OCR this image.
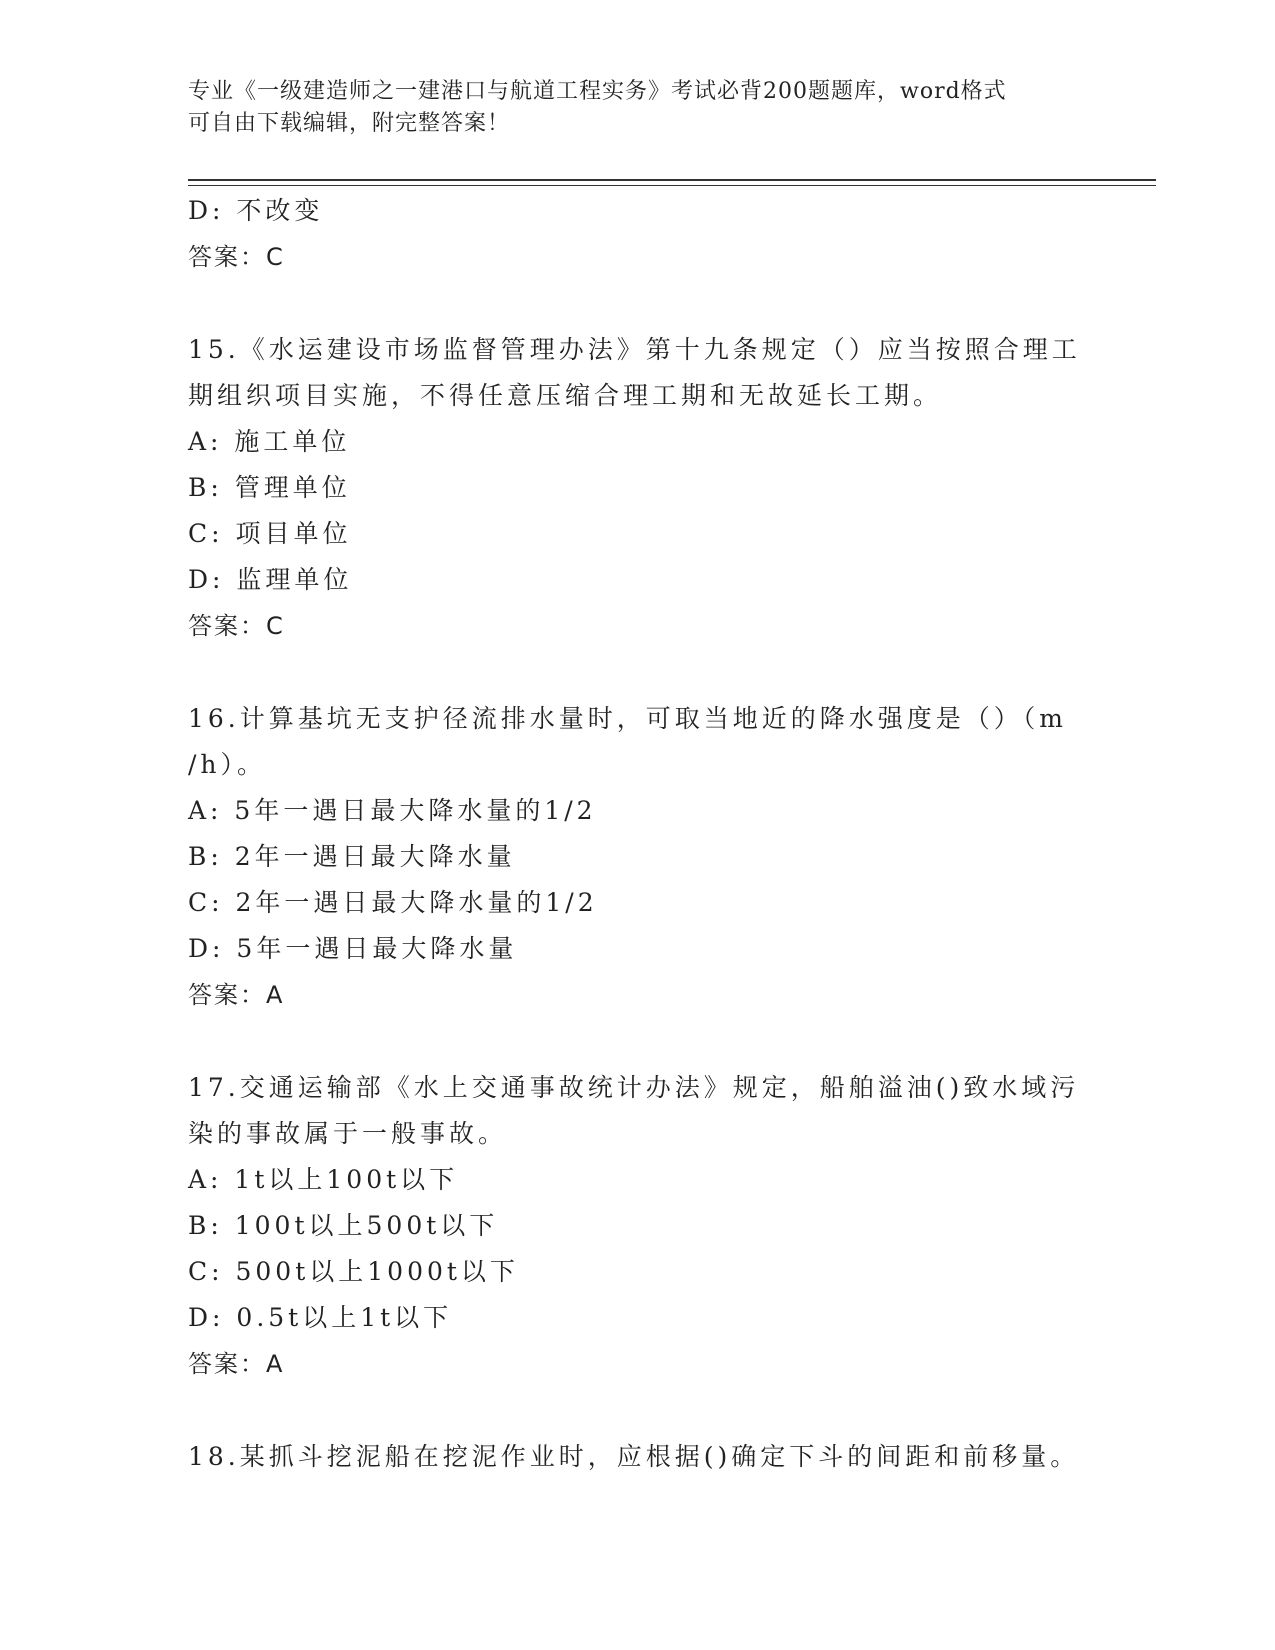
专业《一级建造师之一建港口与航道工程实务》考试必背200题题库，word格式
可自由下载编辑，附完整答案！
D: 不改变
答案：C
15.《水运建设市场监督管理办法》第十九条规定（）应当按照合理工
期组织项目实施，不得任意压缩合理工期和无故延长工期。
A: 施工单位
B: 管理单位
C: 项目单位
D: 监理单位
答案：C
16.计算基坑无支护径流排水量时，可取当地近的降水强度是（）（m
/h）。
A: 5年一遇日最大降水量的1/2
B: 2年一遇日最大降水量
C: 2年一遇日最大降水量的1/2
D: 5年一遇日最大降水量
答案：A
17.交通运输部《水上交通事故统计办法》规定，船舶溢油()致水域污
染的事故属于一般事故。
A: 1t以上100t以下
B: 100t以上500t以下
C: 500t以上1000t以下
D: 0.5t以上1t以下
答案：A
18.某抓斗挖泥船在挖泥作业时，应根据()确定下斗的间距和前移量。
